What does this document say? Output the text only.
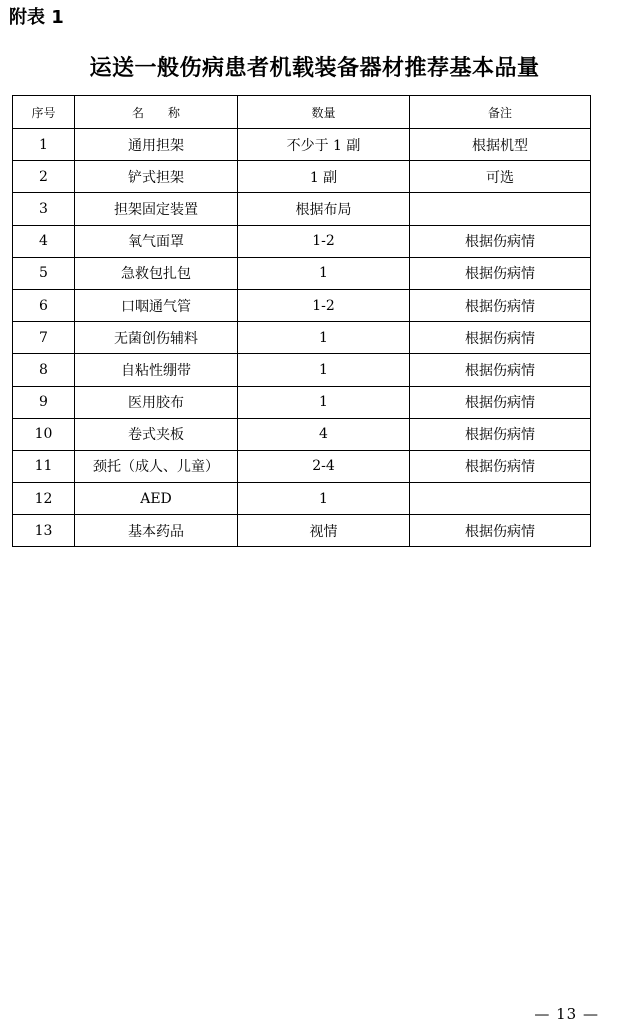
附表 1
运送一般伤病患者机载装备器材推荐基本品量
序号	名　　称	数量	备注
1	通用担架	不少于 1 副	根据机型
2	铲式担架	1 副	可选
3	担架固定装置	根据布局	
4	氧气面罩	1-2	根据伤病情
5	急救包扎包	1	根据伤病情
6	口咽通气管	1-2	根据伤病情
7	无菌创伤辅料	1	根据伤病情
8	自粘性绷带	1	根据伤病情
9	医用胶布	1	根据伤病情
10	卷式夹板	4	根据伤病情
11	颈托（成人、儿童）	2-4	根据伤病情
12	AED	1	
13	基本药品	视情	根据伤病情
— 13 —
